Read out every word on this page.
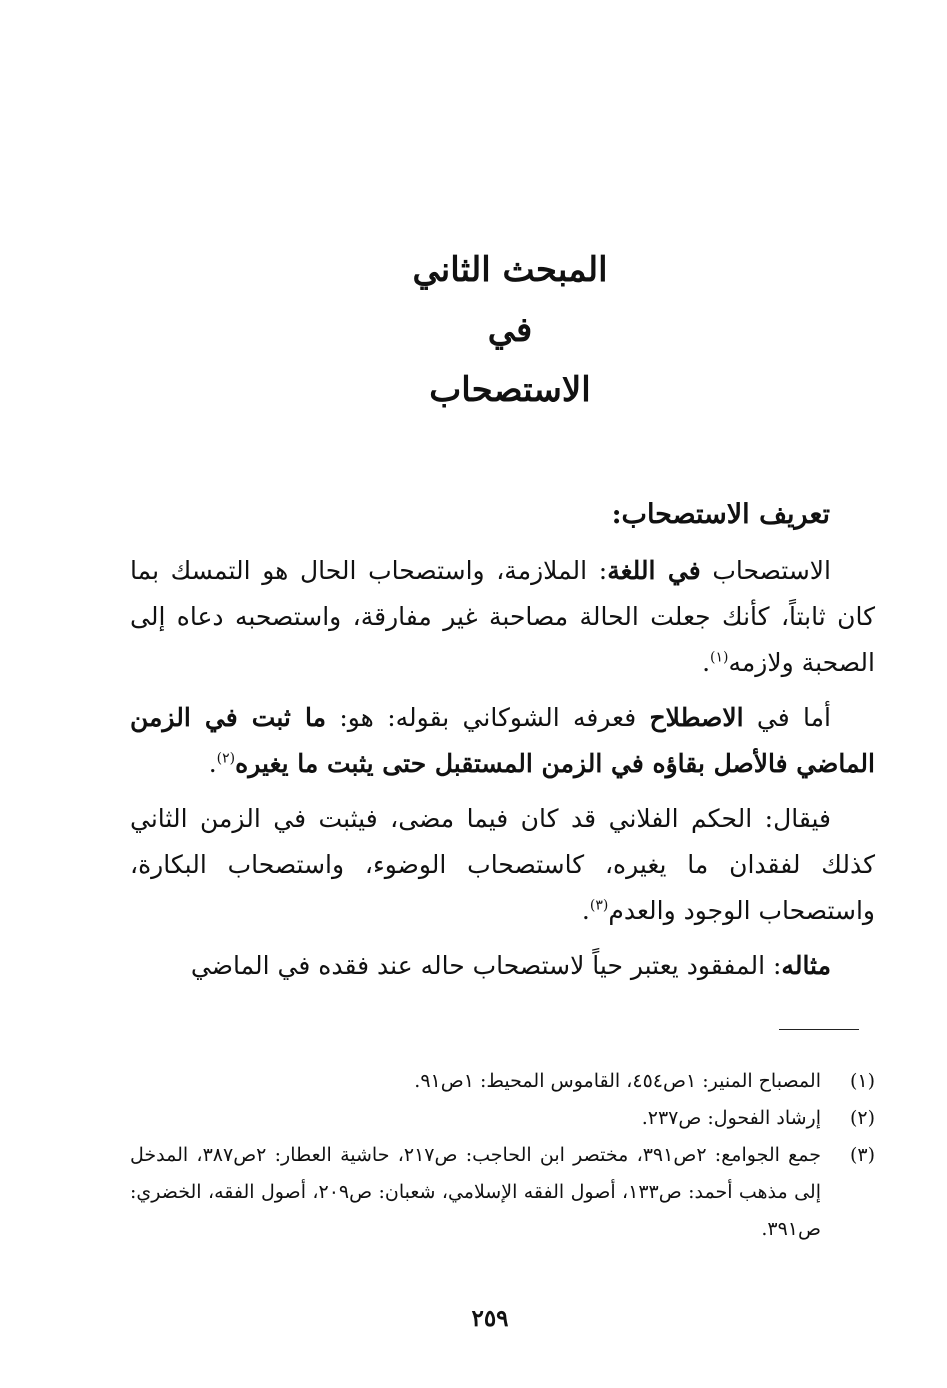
المبحث الثاني
في
الاستصحاب
تعريف الاستصحاب:

الاستصحاب في اللغة: الملازمة، واستصحاب الحال هو التمسك بما كان ثابتاً، كأنك جعلت الحالة مصاحبة غير مفارقة، واستصحبه دعاه إلى الصحبة ولازمه$^{(١)}$.

أما في الاصطلاح فعرفه الشوكاني بقوله: هو: ما ثبت في الزمن الماضي فالأصل بقاؤه في الزمن المستقبل حتى يثبت ما يغيره$^{(٢)}$.

فيقال: الحكم الفلاني قد كان فيما مضى، فيثبت في الزمن الثاني كذلك لفقدان ما يغيره، كاستصحاب الوضوء، واستصحاب البكارة، واستصحاب الوجود والعدم$^{(٣)}$.

مثاله: المفقود يعتبر حياً لاستصحاب حاله عند فقده في الماضي

(١)
المصباح المنير: ١ص٤٥٤، القاموس المحيط: ١ص٩١.
(٢)
إرشاد الفحول: ص٢٣٧.
(٣)
جمع الجوامع: ٢ص٣٩١، مختصر ابن الحاجب: ص٢١٧، حاشية العطار: ٢ص٣٨٧، المدخل إلى مذهب أحمد: ص١٣٣، أصول الفقه الإسلامي، شعبان: ص٢٠٩، أصول الفقه، الخضري: ص٣٩١.
٢٥٩
